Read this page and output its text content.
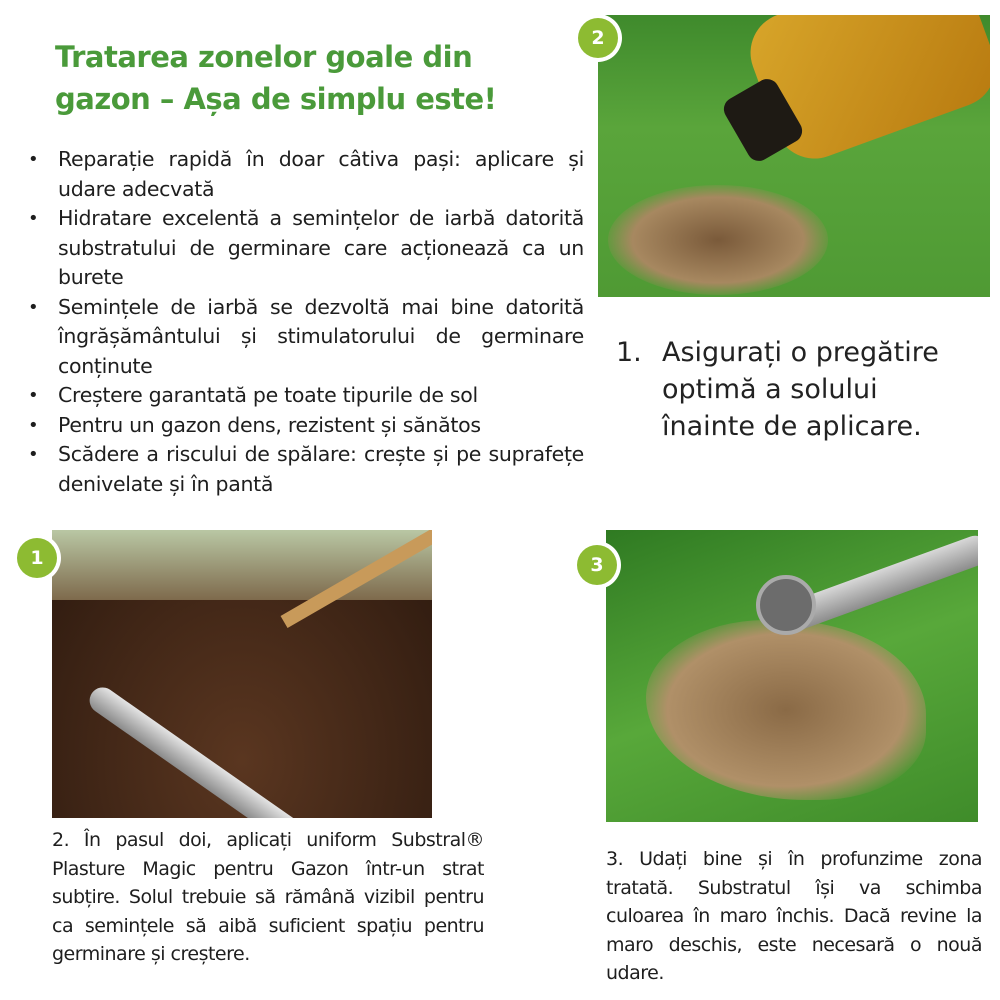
Tratarea zonelor goale din gazon – Așa de simplu este!
• Reparație rapidă în doar câtiva pași: aplicare și udare adecvată
• Hidratare excelentă a semințelor de iarbă datorită substratului de germinare care acționează ca un burete
• Semințele de iarbă se dezvoltă mai bine datorită îngrășământului și stimulatorului de germinare conținute
• Creștere garantată pe toate tipurile de sol
• Pentru un gazon dens, rezistent și sănătos
• Scădere a riscului de spălare: crește și pe suprafețe denivelate și în pantă
2
1. Asigurați o pregătire optimă a solului înainte de aplicare.
1	3

2. În pasul doi, aplicați uniform Substral® Plasture Magic pentru Gazon într-un strat subțire. Solul trebuie să rămână vizibil pentru ca semințele să aibă suficient spațiu pentru germinare și creștere.

3. Udați bine și în profunzime zona tratată. Substratul își va schimba culoarea în maro închis. Dacă revine la maro deschis, este necesară o nouă udare.
